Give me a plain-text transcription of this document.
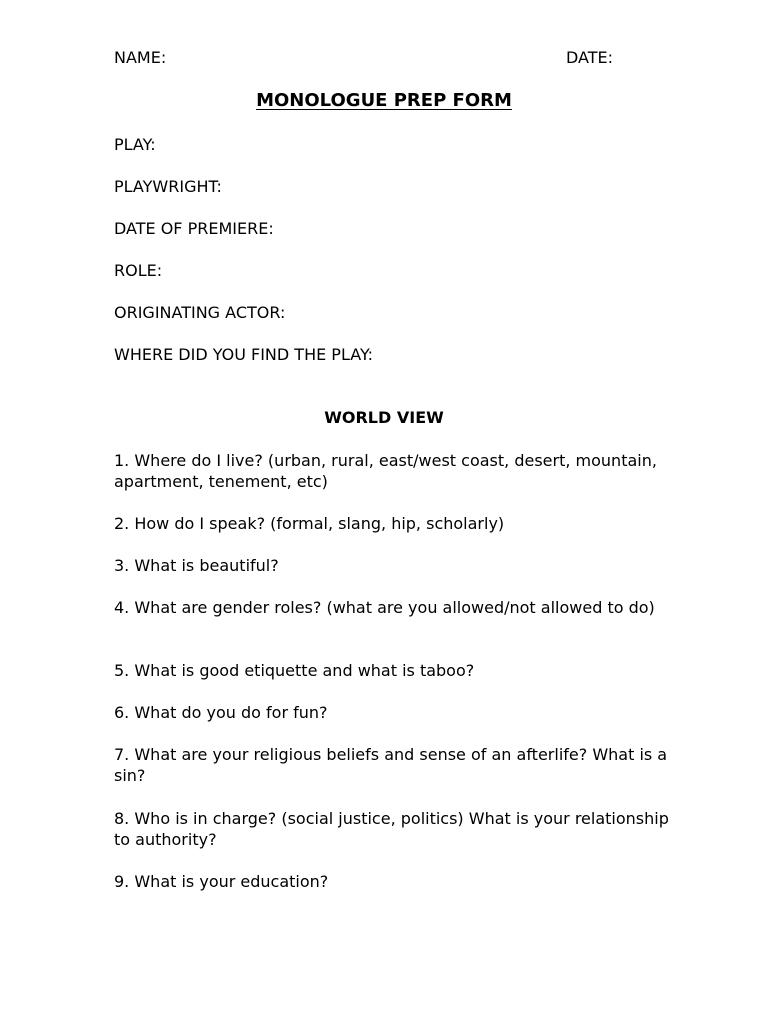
NAME:	DATE:
MONOLOGUE PREP FORM
PLAY:
PLAYWRIGHT:
DATE OF PREMIERE:
ROLE:
ORIGINATING ACTOR:
WHERE DID YOU FIND THE PLAY:
WORLD VIEW
1. Where do I live? (urban, rural, east/west coast, desert, mountain, apartment, tenement, etc)
2. How do I speak? (formal, slang, hip, scholarly)
3. What is beautiful?
4. What are gender roles? (what are you allowed/not allowed to do)
5. What is good etiquette and what is taboo?
6. What do you do for fun?
7. What are your religious beliefs and sense of an afterlife? What is a sin?
8. Who is in charge? (social justice, politics) What is your relationship to authority?
9. What is your education?
